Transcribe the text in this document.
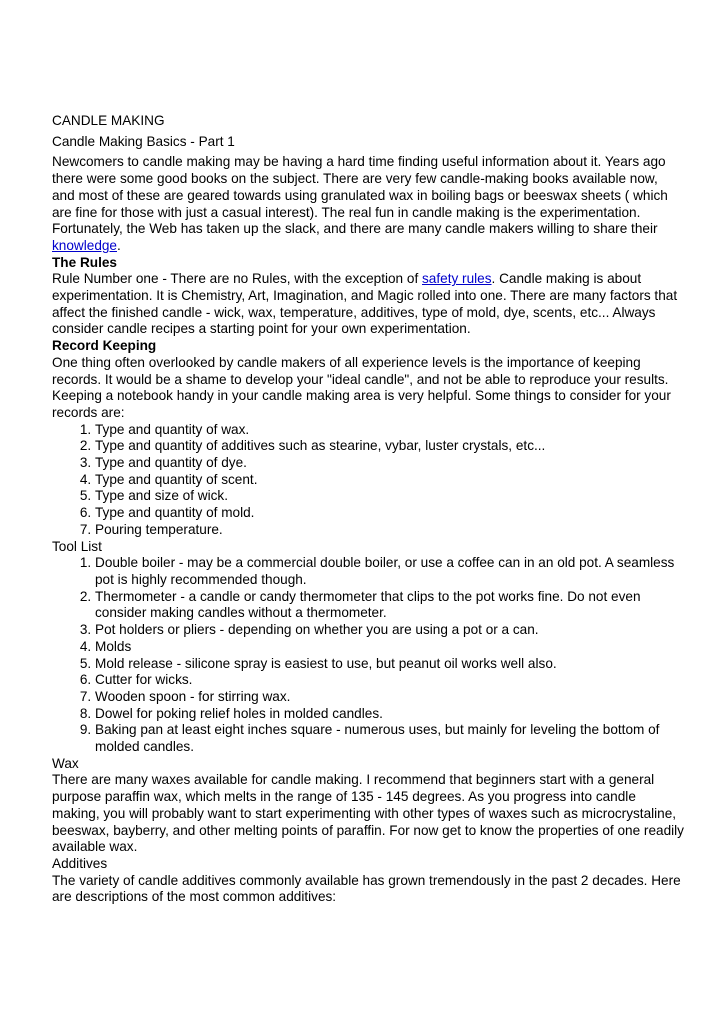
CANDLE MAKING

Candle Making Basics - Part 1

Newcomers to candle making may be having a hard time finding useful information about it. Years ago there were some good books on the subject. There are very few candle-making books available now, and most of these are geared towards using granulated wax in boiling bags or beeswax sheets ( which are fine for those with just a casual interest). The real fun in candle making is the experimentation. Fortunately, the Web has taken up the slack, and there are many candle makers willing to share their knowledge.

The Rules

Rule Number one - There are no Rules, with the exception of safety rules. Candle making is about experimentation. It is Chemistry, Art, Imagination, and Magic rolled into one. There are many factors that affect the finished candle - wick, wax, temperature, additives, type of mold, dye, scents, etc... Always consider candle recipes a starting point for your own experimentation.

Record Keeping

One thing often overlooked by candle makers of all experience levels is the importance of keeping records. It would be a shame to develop your "ideal candle", and not be able to reproduce your results. Keeping a notebook handy in your candle making area is very helpful. Some things to consider for your records are:

1. Type and quantity of wax.
2. Type and quantity of additives such as stearine, vybar, luster crystals, etc...
3. Type and quantity of dye.
4. Type and quantity of scent.
5. Type and size of wick.
6. Type and quantity of mold.
7. Pouring temperature.

Tool List

1. Double boiler - may be a commercial double boiler, or use a coffee can in an old pot. A seamless pot is highly recommended though.
2. Thermometer - a candle or candy thermometer that clips to the pot works fine. Do not even consider making candles without a thermometer.
3. Pot holders or pliers - depending on whether you are using a pot or a can.
4. Molds
5. Mold release - silicone spray is easiest to use, but peanut oil works well also.
6. Cutter for wicks.
7. Wooden spoon - for stirring wax.
8. Dowel for poking relief holes in molded candles.
9. Baking pan at least eight inches square - numerous uses, but mainly for leveling the bottom of molded candles.

Wax

There are many waxes available for candle making. I recommend that beginners start with a general purpose paraffin wax, which melts in the range of 135 - 145 degrees. As you progress into candle making, you will probably want to start experimenting with other types of waxes such as microcrystaline, beeswax, bayberry, and other melting points of paraffin. For now get to know the properties of one readily available wax.

Additives

The variety of candle additives commonly available has grown tremendously in the past 2 decades. Here are descriptions of the most common additives:
